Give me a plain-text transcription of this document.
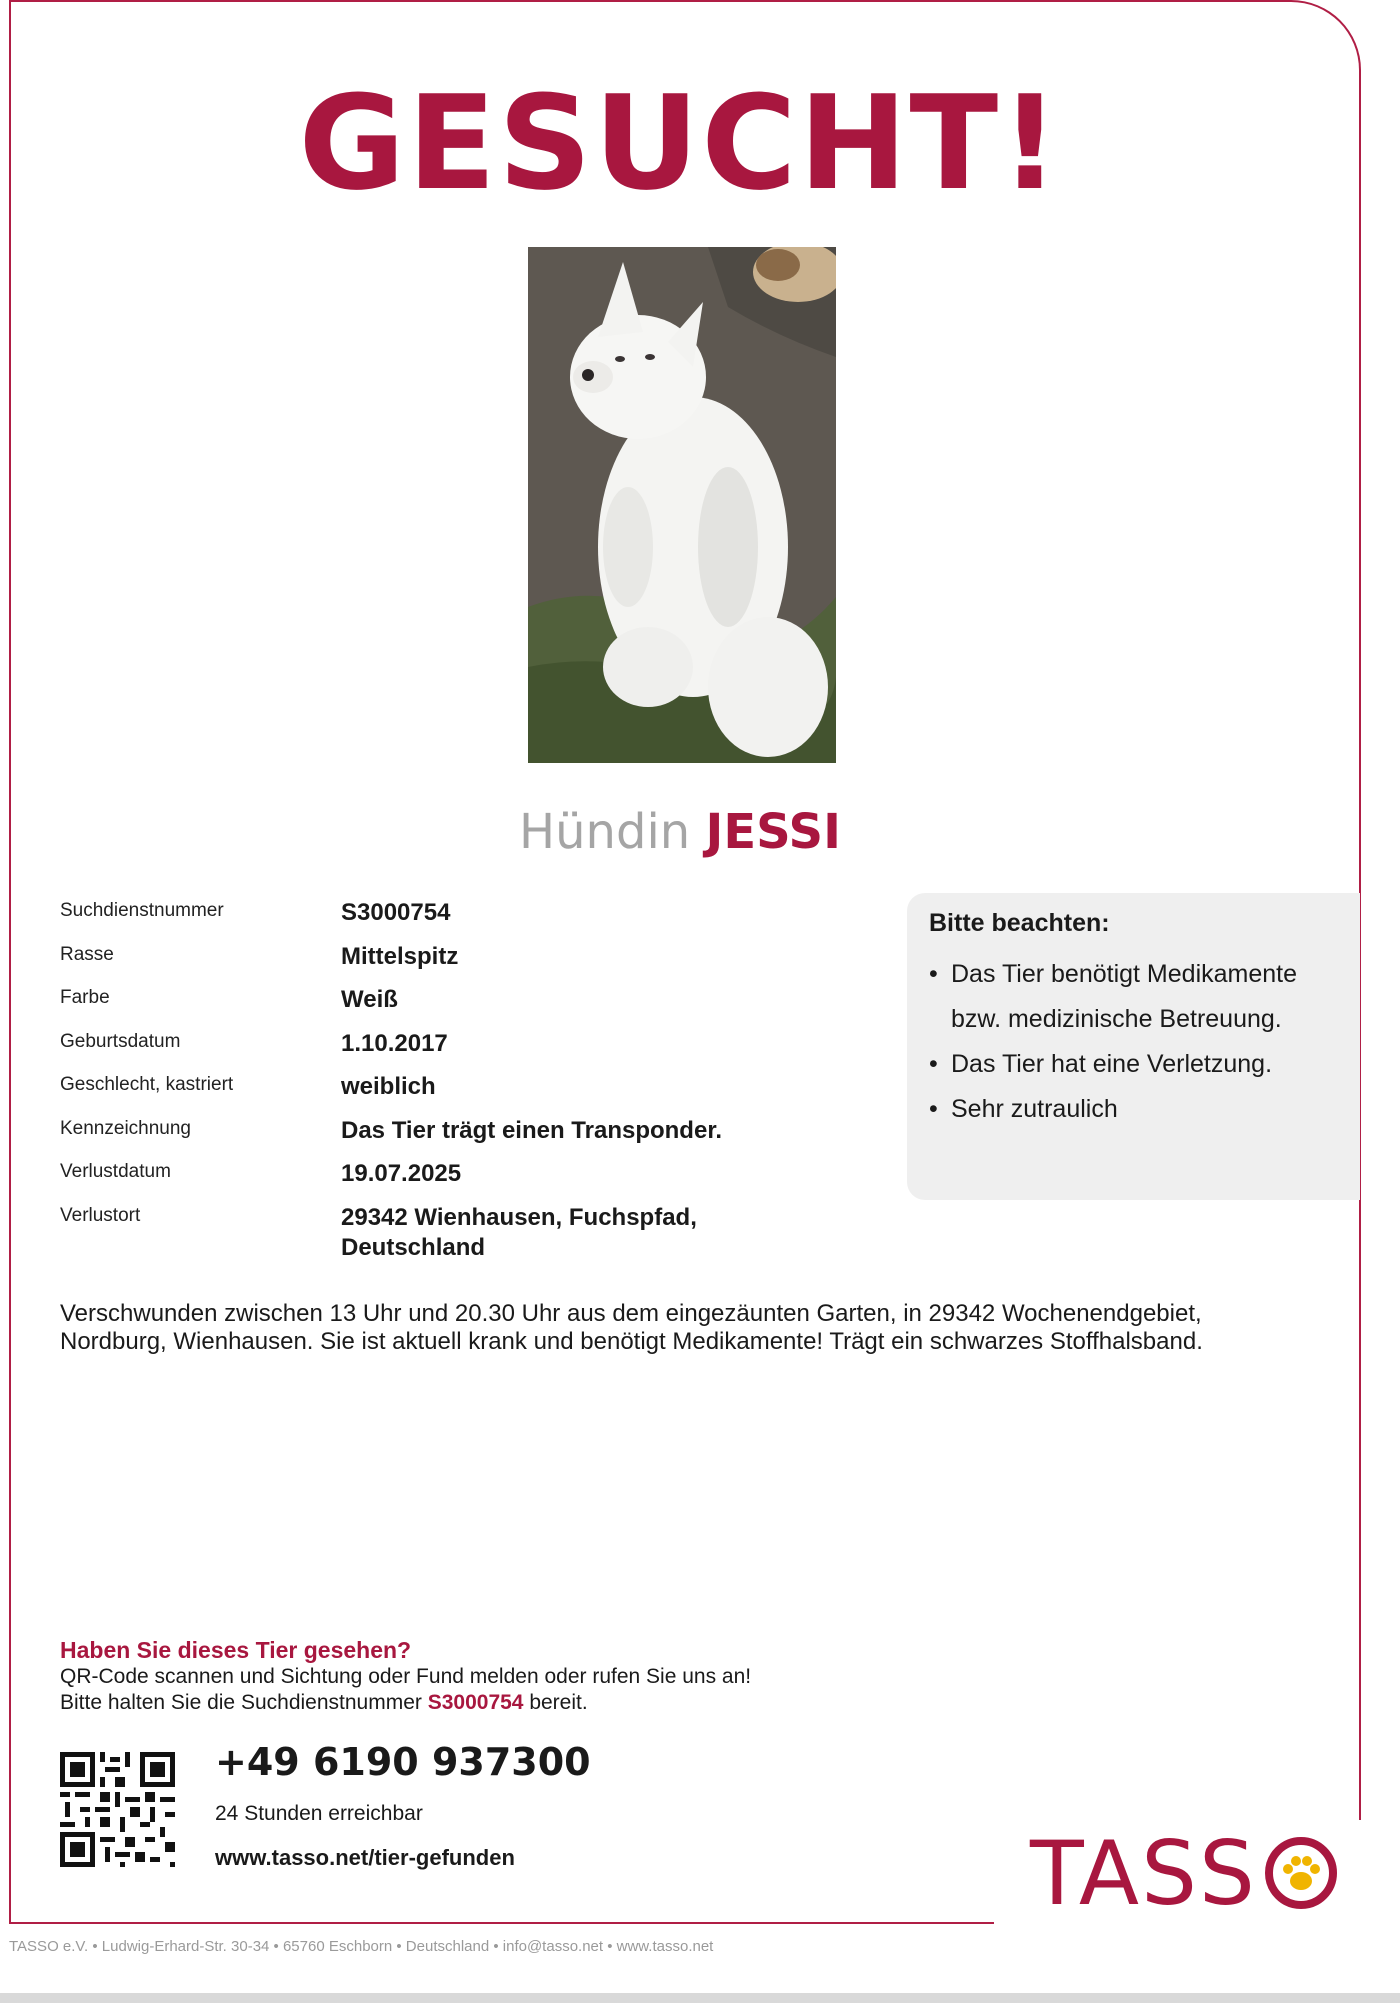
GESUCHT!
Hündin JESSI
Suchdienstnummer	S3000754
Rasse	Mittelspitz
Farbe	Weiß
Geburtsdatum	1.10.2017
Geschlecht, kastriert	weiblich
Kennzeichnung	Das Tier trägt einen Transponder.
Verlustdatum	19.07.2025
Verlustort	29342 Wienhausen, Fuchspfad, Deutschland
Bitte beachten:
• Das Tier benötigt Medikamente bzw. medizinische Betreuung.
• Das Tier hat eine Verletzung.
• Sehr zutraulich
Verschwunden zwischen 13 Uhr und 20.30 Uhr aus dem eingezäunten Garten, in 29342 Wochenendgebiet, Nordburg, Wienhausen. Sie ist aktuell krank und benötigt Medikamente! Trägt ein schwarzes Stoffhalsband.
Haben Sie dieses Tier gesehen?
QR-Code scannen und Sichtung oder Fund melden oder rufen Sie uns an!
Bitte halten Sie die Suchdienstnummer S3000754 bereit.
+49 6190 937300
24 Stunden erreichbar
www.tasso.net/tier-gefunden	TASS
TASSO e.V. • Ludwig-Erhard-Str. 30-34 • 65760 Eschborn • Deutschland • info@tasso.net • www.tasso.net
